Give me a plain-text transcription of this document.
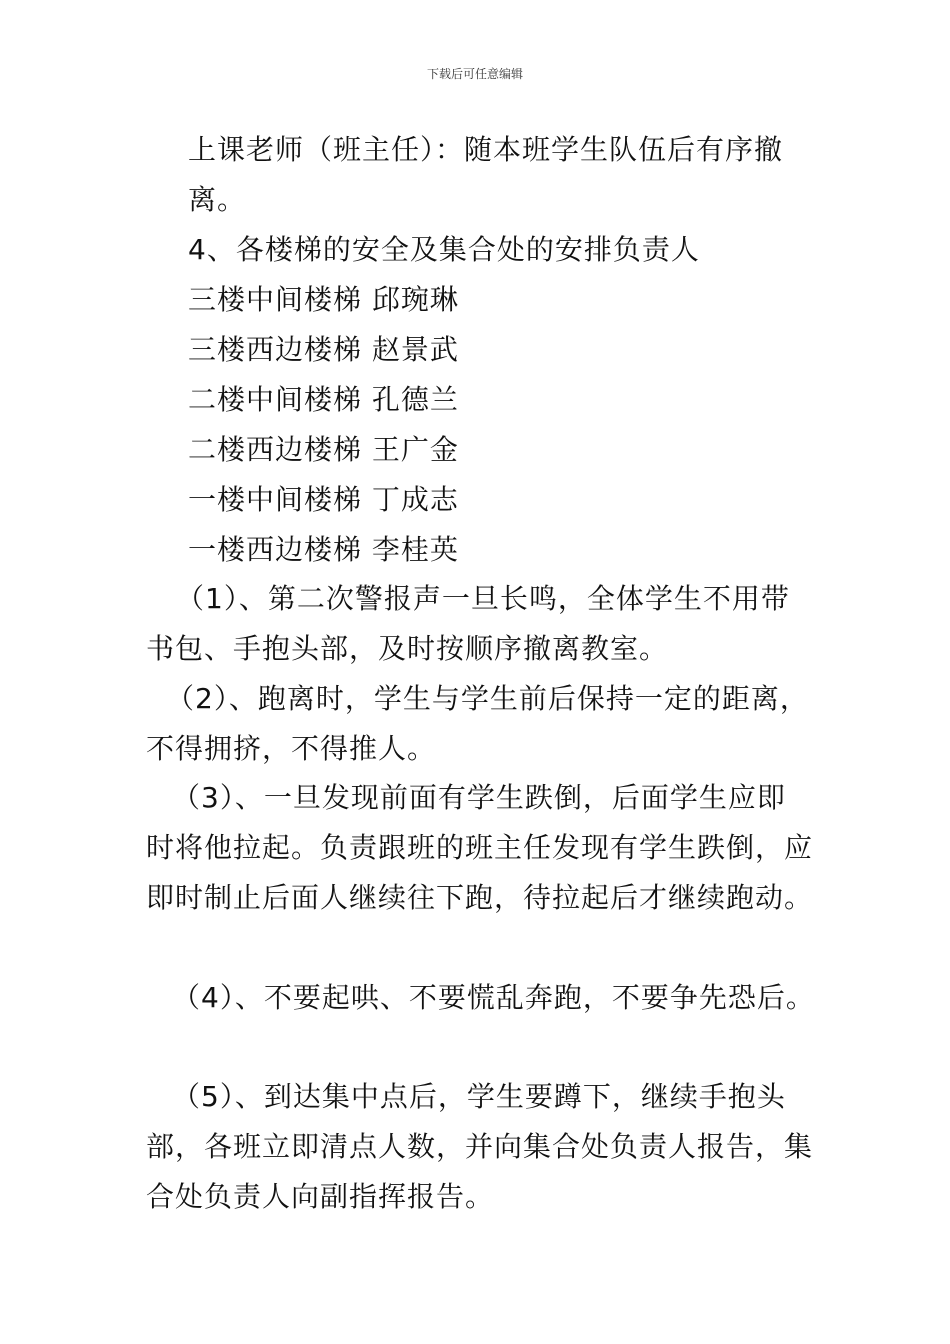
下载后可任意编辑
上课老师（班主任）：随本班学生队伍后有序撤
离。
4、各楼梯的安全及集合处的安排负责人
三楼中间楼梯 邱琬琳
三楼西边楼梯 赵景武
二楼中间楼梯 孔德兰
二楼西边楼梯 王广金
一楼中间楼梯 丁成志
一楼西边楼梯 李桂英
（1）、第二次警报声一旦长鸣，全体学生不用带
书包、手抱头部，及时按顺序撤离教室。
（2）、跑离时，学生与学生前后保持一定的距离，
不得拥挤，不得推人。
（3）、一旦发现前面有学生跌倒，后面学生应即
时将他拉起。负责跟班的班主任发现有学生跌倒，应
即时制止后面人继续往下跑，待拉起后才继续跑动。
（4）、不要起哄、不要慌乱奔跑，不要争先恐后。
（5）、到达集中点后，学生要蹲下，继续手抱头
部，各班立即清点人数，并向集合处负责人报告，集
合处负责人向副指挥报告。
